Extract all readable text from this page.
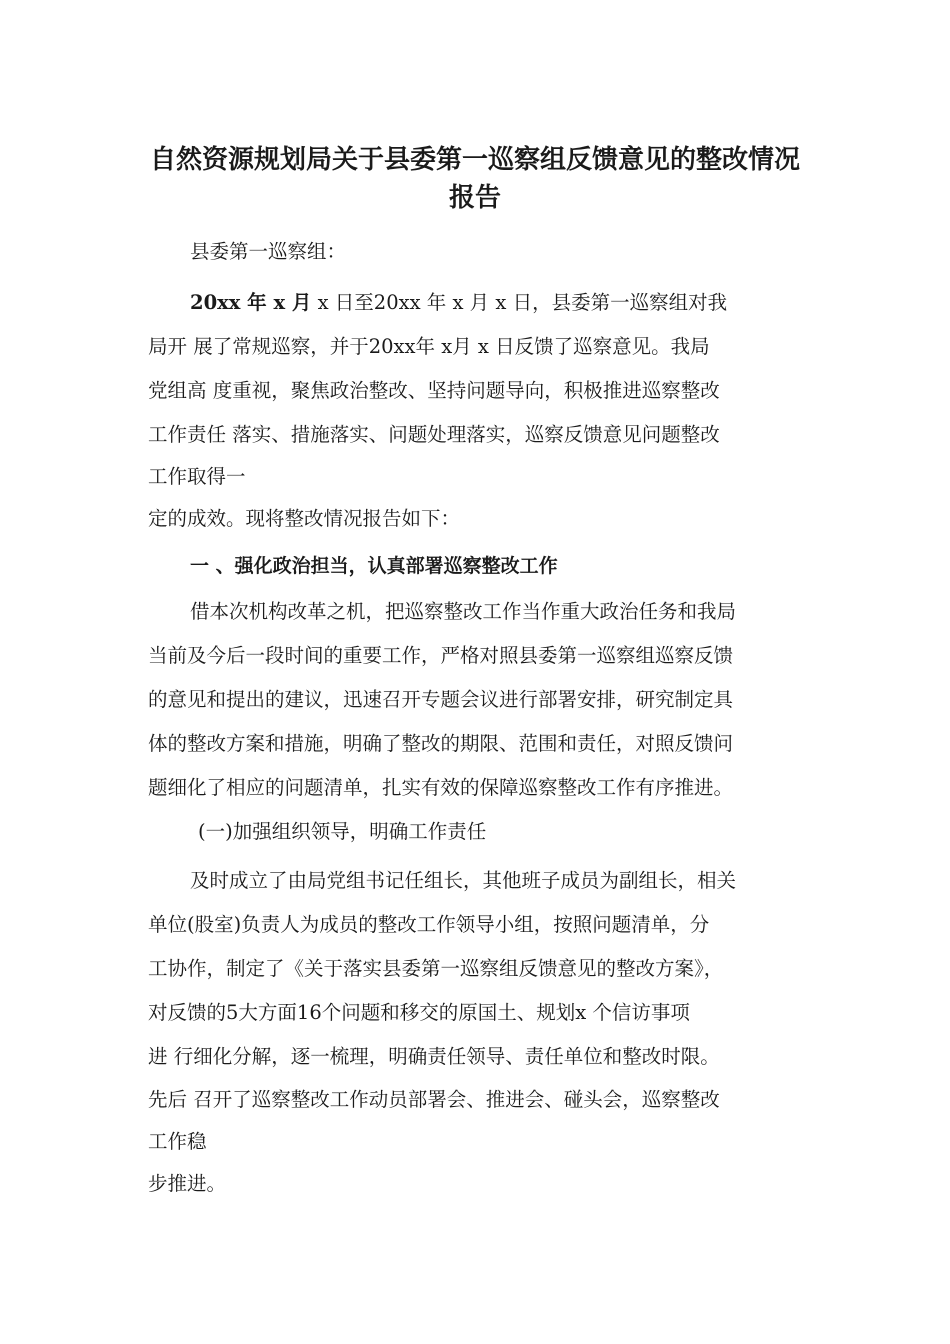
自然资源规划局关于县委第一巡察组反馈意见的整改情况
报告

县委第一巡察组：

20xx 年 x 月 x 日至20xx 年 x 月 x 日，县委第一巡察组对我

局开 展了常规巡察，并于20xx年 x月 x 日反馈了巡察意见。我局

党组高 度重视，聚焦政治整改、坚持问题导向，积极推进巡察整改

工作责任 落实、措施落实、问题处理落实，巡察反馈意见问题整改

工作取得一

定的成效。现将整改情况报告如下：

一 、强化政治担当，认真部署巡察整改工作

借本次机构改革之机，把巡察整改工作当作重大政治任务和我局

当前及今后一段时间的重要工作，严格对照县委第一巡察组巡察反馈

的意见和提出的建议，迅速召开专题会议进行部署安排，研究制定具

体的整改方案和措施，明确了整改的期限、范围和责任，对照反馈问

题细化了相应的问题清单，扎实有效的保障巡察整改工作有序推进。

(一)加强组织领导，明确工作责任

及时成立了由局党组书记任组长，其他班子成员为副组长，相关

单位(股室)负责人为成员的整改工作领导小组，按照问题清单，分

工协作，制定了《关于落实县委第一巡察组反馈意见的整改方案》，

对反馈的5大方面16个问题和移交的原国土、规划x 个信访事项

进 行细化分解，逐一梳理，明确责任领导、责任单位和整改时限。

先后 召开了巡察整改工作动员部署会、推进会、碰头会，巡察整改

工作稳

步推进。
